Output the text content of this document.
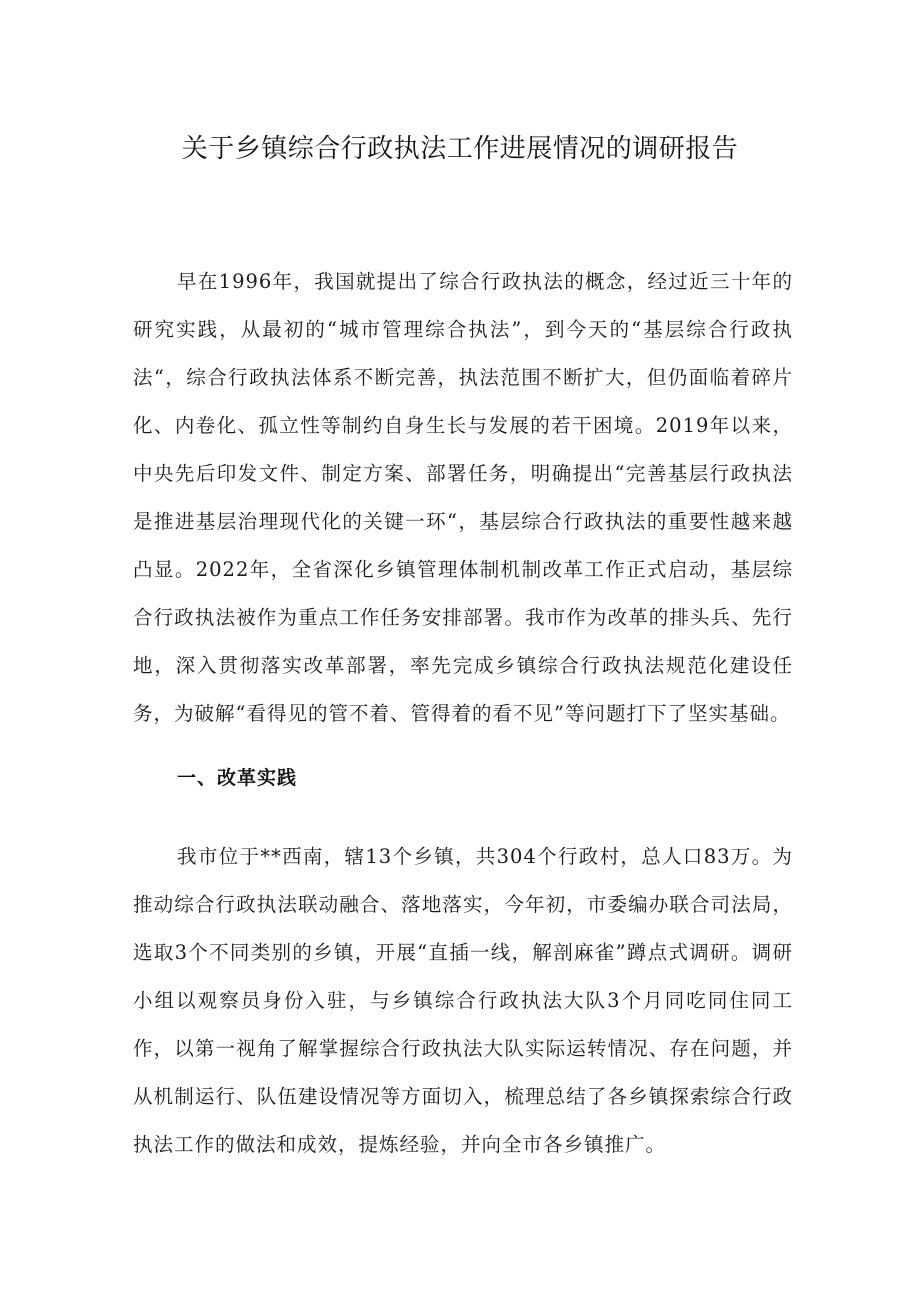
关于乡镇综合行政执法工作进展情况的调研报告
早在1996年，我国就提出了综合行政执法的概念，经过近三十年的研究实践，从最初的“城市管理综合执法”，到今天的“基层综合行政执法“，综合行政执法体系不断完善，执法范围不断扩大，但仍面临着碎片化、内卷化、孤立性等制约自身生长与发展的若干困境。2019年以来，中央先后印发文件、制定方案、部署任务，明确提出“完善基层行政执法是推进基层治理现代化的关键一环“，基层综合行政执法的重要性越来越凸显。2022年，全省深化乡镇管理体制机制改革工作正式启动，基层综合行政执法被作为重点工作任务安排部署。我市作为改革的排头兵、先行地，深入贯彻落实改革部署，率先完成乡镇综合行政执法规范化建设任务，为破解“看得见的管不着、管得着的看不见”等问题打下了坚实基础。
一、改革实践
我市位于**西南，辖13个乡镇，共304个行政村，总人口83万。为推动综合行政执法联动融合、落地落实，今年初，市委编办联合司法局，选取3个不同类别的乡镇，开展“直插一线，解剖麻雀”蹲点式调研。调研小组以观察员身份入驻，与乡镇综合行政执法大队3个月同吃同住同工作，以第一视角了解掌握综合行政执法大队实际运转情况、存在问题，并从机制运行、队伍建设情况等方面切入，梳理总结了各乡镇探索综合行政执法工作的做法和成效，提炼经验，并向全市各乡镇推广。
